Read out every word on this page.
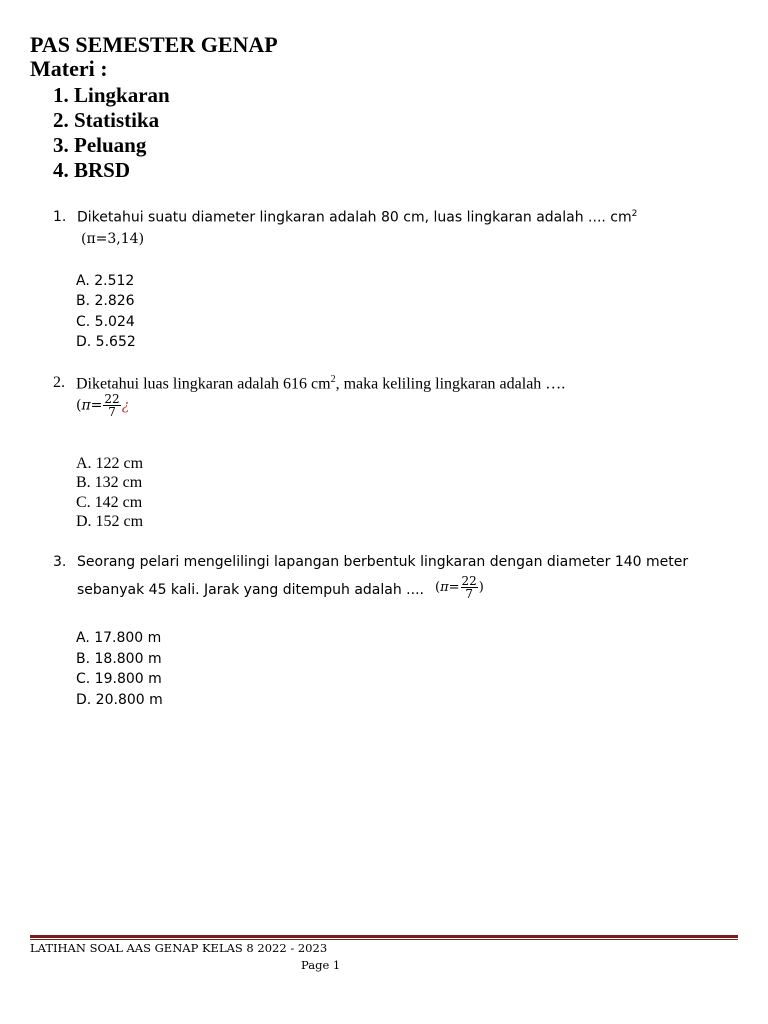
PAS SEMESTER GENAP
Materi :
1. Lingkaran
2. Statistika
3. Peluang
4. BRSD
1. Diketahui suatu diameter lingkaran adalah 80 cm, luas lingkaran adalah .... $cm^2$
(π=3,14)
A. 2.512
B. 2.826
C. 5.024
D. 5.652
2. Diketahui luas lingkaran adalah 616 $cm^2$, maka keliling lingkaran adalah ….
($\pi= \frac{22}{7}$ ¿
A. 122 cm
B. 132 cm
C. 142 cm
D. 152 cm
3. Seorang pelari mengelilingi lapangan berbentuk lingkaran dengan diameter 140 meter
sebanyak 45 kali. Jarak yang ditempuh adalah .... ($\pi= \frac{22}{7}$ )
A. 17.800 m
B. 18.800 m
C. 19.800 m
D. 20.800 m
LATIHAN SOAL AAS GENAP KELAS 8 2022 - 2023
Page 1
